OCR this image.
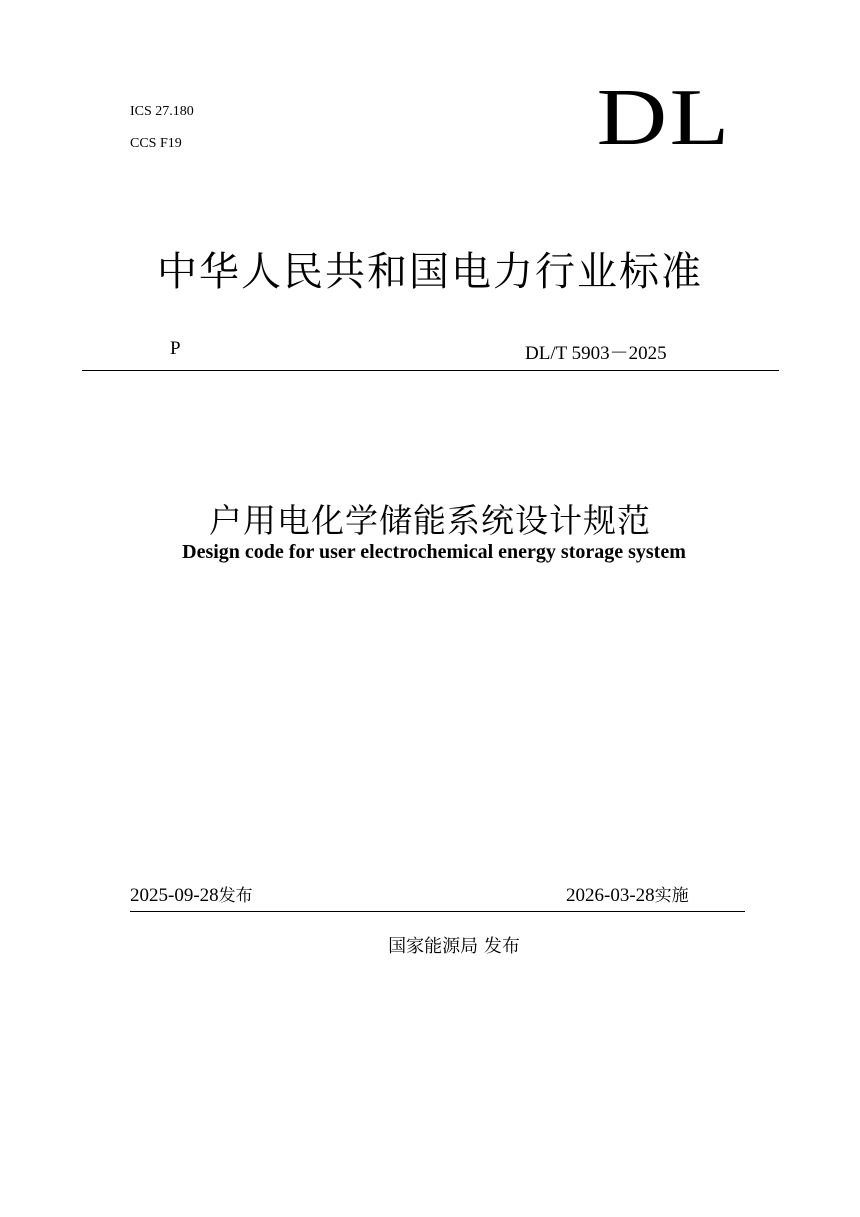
ICS 27.180
CCS F19	DL
中华人民共和国电力行业标准
P	DL/T 5903－2025
户用电化学储能系统设计规范
Design code for user electrochemical energy storage system
2025-09-28发布	2026-03-28实施
国家能源局 发布
